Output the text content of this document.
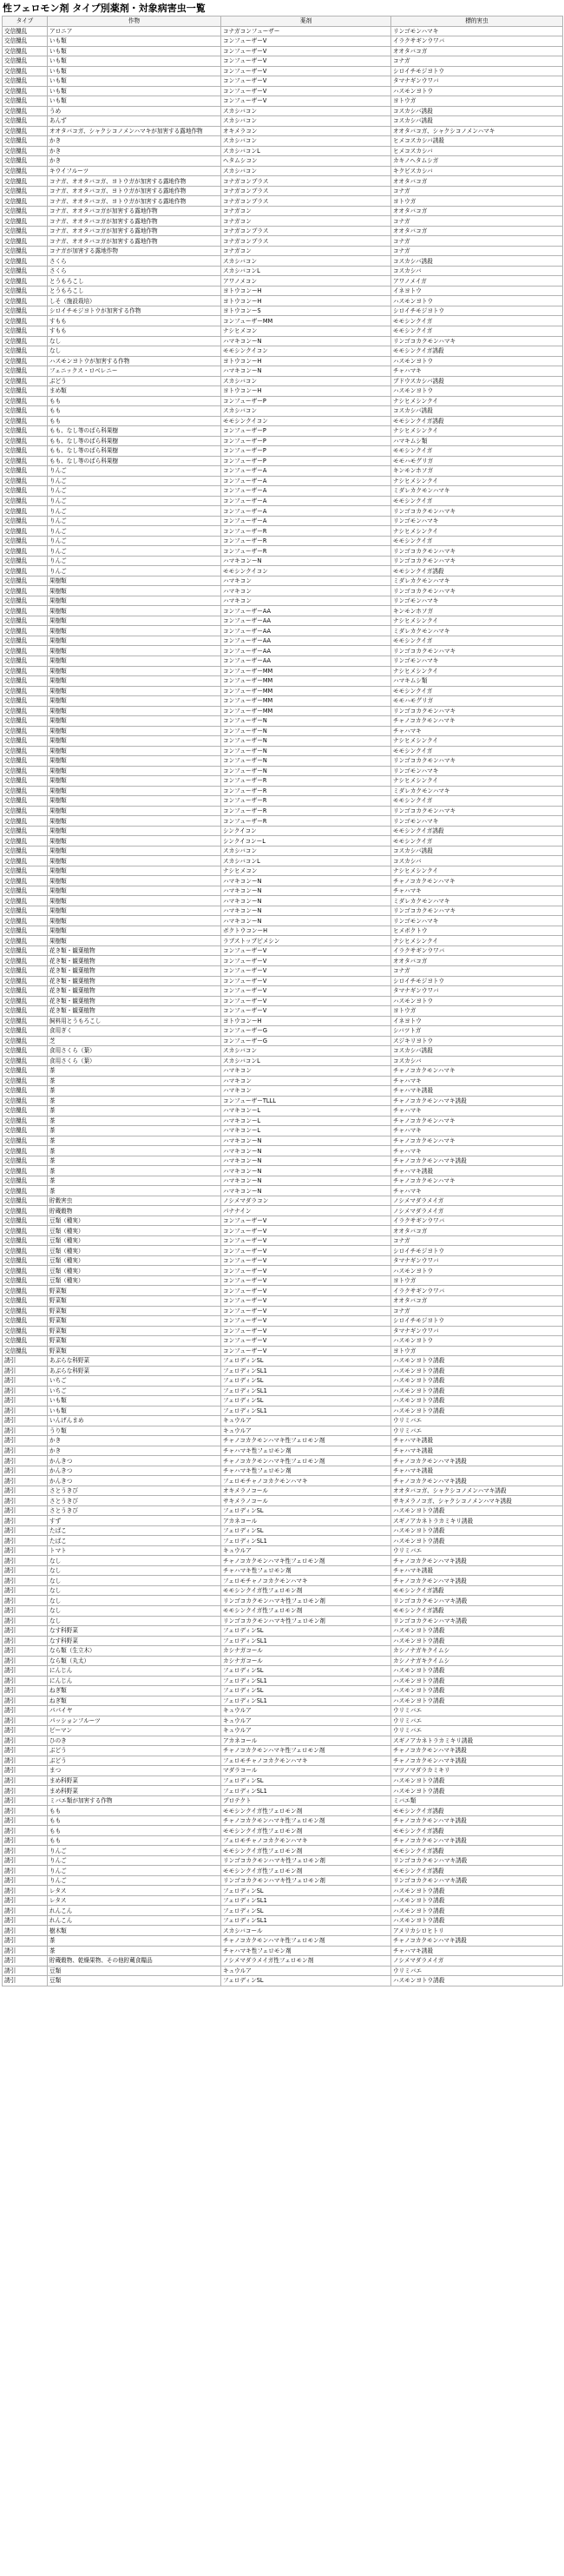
性フェロモン剤 タイプ別薬剤・対象病害虫一覧
タイプ	作物	薬剤	標的害虫
交信攪乱	アロニア	コナガコンフューザー	リンゴモンハマキ
交信攪乱	いも類	コンフューザーV	イラクサギンウワバ
交信攪乱	いも類	コンフューザーV	オオタバコガ
交信攪乱	いも類	コンフューザーV	コナガ
交信攪乱	いも類	コンフューザーV	シロイチモジヨトウ
交信攪乱	いも類	コンフューザーV	タマナギンウワバ
交信攪乱	いも類	コンフューザーV	ハスモンヨトウ
交信攪乱	いも類	コンフューザーV	ヨトウガ
交信攪乱	うめ	スカシバコン	コスカシバ誘殺
交信攪乱	あんず	スカシバコン	コスカシバ誘殺
交信攪乱	オオタバコガ、シャクシコノメンハマキが加害する露地作物	オキメラコン	オオタバコガ、シャクシコノメンハマキ
交信攪乱	かき	スカシバコン	ヒメコスカシバ誘殺
交信攪乱	かき	スカシバコンL	ヒメコスカシバ
交信攪乱	かき	ヘタムシコン	カキノヘタムシガ
交信攪乱	キウイフルーツ	スカシバコン	キクビスカシバ
交信攪乱	コナガ、オオタバコガ、ヨトウガが加害する露地作物	コナガコンプラス	オオタバコガ
交信攪乱	コナガ、オオタバコガ、ヨトウガが加害する露地作物	コナガコンプラス	コナガ
交信攪乱	コナガ、オオタバコガ、ヨトウガが加害する露地作物	コナガコンプラス	ヨトウガ
交信攪乱	コナガ、オオタバコガが加害する露地作物	コナガコン	オオタバコガ
交信攪乱	コナガ、オオタバコガが加害する露地作物	コナガコン	コナガ
交信攪乱	コナガ、オオタバコガが加害する露地作物	コナガコンプラス	オオタバコガ
交信攪乱	コナガ、オオタバコガが加害する露地作物	コナガコンプラス	コナガ
交信攪乱	コナガが加害する露地作物	コナガコン	コナガ
交信攪乱	さくら	スカシバコン	コスカシバ誘殺
交信攪乱	さくら	スカシバコンL	コスカシバ
交信攪乱	とうもろこし	アワノメコン	アワノメイガ
交信攪乱	とうもろこし	ヨトウコンーH	イネヨトウ
交信攪乱	しそ（施設栽培）	ヨトウコンーH	ハスモンヨトウ
交信攪乱	シロイチモジヨトウが加害する作物	ヨトウコンーS	シロイチモジヨトウ
交信攪乱	すもも	コンフューザーMM	モモシンクイガ
交信攪乱	すもも	ナシヒメコン	モモシンクイガ
交信攪乱	なし	ハマキコンーN	リンゴコカクモンハマキ
交信攪乱	なし	モモシンクイコン	モモシンクイガ誘殺
交信攪乱	ハスモンヨトウが加害する作物	ヨトウコンーH	ハスモンヨトウ
交信攪乱	フェニックス・ロベレニー	ハマキコンーN	チャハマキ
交信攪乱	ぶどう	スカシバコン	ブドウスカシバ誘殺
交信攪乱	まめ類	ヨトウコンーH	ハスモンヨトウ
交信攪乱	もも	コンフューザーP	ナシヒメシンクイ
交信攪乱	もも	スカシバコン	コスカシバ誘殺
交信攪乱	もも	モモシンクイコン	モモシンクイガ誘殺
交信攪乱	もも、なし等のばら科果樹	コンフューザーP	ナシヒメシンクイ
交信攪乱	もも、なし等のばら科果樹	コンフューザーP	ハマキムシ類
交信攪乱	もも、なし等のばら科果樹	コンフューザーP	モモシンクイガ
交信攪乱	もも、なし等のばら科果樹	コンフューザーP	モモハモグリガ
交信攪乱	りんご	コンフューザーA	キンモンホソガ
交信攪乱	りんご	コンフューザーA	ナシヒメシンクイ
交信攪乱	りんご	コンフューザーA	ミダレカクモンハマキ
交信攪乱	りんご	コンフューザーA	モモシンクイガ
交信攪乱	りんご	コンフューザーA	リンゴコカクモンハマキ
交信攪乱	りんご	コンフューザーA	リンゴモンハマキ
交信攪乱	りんご	コンフューザーR	ナシヒメシンクイ
交信攪乱	りんご	コンフューザーR	モモシンクイガ
交信攪乱	りんご	コンフューザーR	リンゴコカクモンハマキ
交信攪乱	りんご	ハマキコンーN	リンゴコカクモンハマキ
交信攪乱	りんご	モモシンクイコン	モモシンクイガ誘殺
交信攪乱	果樹類	ハマキコン	ミダレカクモンハマキ
交信攪乱	果樹類	ハマキコン	リンゴコカクモンハマキ
交信攪乱	果樹類	ハマキコン	リンゴモンハマキ
交信攪乱	果樹類	コンフューザーAA	キンモンホソガ
交信攪乱	果樹類	コンフューザーAA	ナシヒメシンクイ
交信攪乱	果樹類	コンフューザーAA	ミダレカクモンハマキ
交信攪乱	果樹類	コンフューザーAA	モモシンクイガ
交信攪乱	果樹類	コンフューザーAA	リンゴコカクモンハマキ
交信攪乱	果樹類	コンフューザーAA	リンゴモンハマキ
交信攪乱	果樹類	コンフューザーMM	ナシヒメシンクイ
交信攪乱	果樹類	コンフューザーMM	ハマキムシ類
交信攪乱	果樹類	コンフューザーMM	モモシンクイガ
交信攪乱	果樹類	コンフューザーMM	モモハモグリガ
交信攪乱	果樹類	コンフューザーMM	リンゴコカクモンハマキ
交信攪乱	果樹類	コンフューザーN	チャノコカクモンハマキ
交信攪乱	果樹類	コンフューザーN	チャハマキ
交信攪乱	果樹類	コンフューザーN	ナシヒメシンクイ
交信攪乱	果樹類	コンフューザーN	モモシンクイガ
交信攪乱	果樹類	コンフューザーN	リンゴコカクモンハマキ
交信攪乱	果樹類	コンフューザーN	リンゴモンハマキ
交信攪乱	果樹類	コンフューザーR	ナシヒメシンクイ
交信攪乱	果樹類	コンフューザーR	ミダレカクモンハマキ
交信攪乱	果樹類	コンフューザーR	モモシンクイガ
交信攪乱	果樹類	コンフューザーR	リンゴコカクモンハマキ
交信攪乱	果樹類	コンフューザーR	リンゴモンハマキ
交信攪乱	果樹類	シンクイコン	モモシンクイガ誘殺
交信攪乱	果樹類	シンクイコンーL	モモシンクイガ
交信攪乱	果樹類	スカシバコン	コスカシバ誘殺
交信攪乱	果樹類	スカシバコンL	コスカシバ
交信攪乱	果樹類	ナシヒメコン	ナシヒメシンクイ
交信攪乱	果樹類	ハマキコンーN	チャノコカクモンハマキ
交信攪乱	果樹類	ハマキコンーN	チャハマキ
交信攪乱	果樹類	ハマキコンーN	ミダレカクモンハマキ
交信攪乱	果樹類	ハマキコンーN	リンゴコカクモンハマキ
交信攪乱	果樹類	ハマキコンーN	リンゴモンハマキ
交信攪乱	果樹類	ボクトウコンーH	ヒメボクトウ
交信攪乱	果樹類	ラブストップピメシン	ナシヒメシンクイ
交信攪乱	花き類・観葉植物	コンフューザーV	イラクサギンウワバ
交信攪乱	花き類・観葉植物	コンフューザーV	オオタバコガ
交信攪乱	花き類・観葉植物	コンフューザーV	コナガ
交信攪乱	花き類・観葉植物	コンフューザーV	シロイチモジヨトウ
交信攪乱	花き類・観葉植物	コンフューザーV	タマナギンウワバ
交信攪乱	花き類・観葉植物	コンフューザーV	ハスモンヨトウ
交信攪乱	花き類・観葉植物	コンフューザーV	ヨトウガ
交信攪乱	飼料用とうもろこし	ヨトウコンーH	イネヨトウ
交信攪乱	食用ぎく	コンフューザーG	シバツトガ
交信攪乱	芝	コンフューザーG	スジキリヨトウ
交信攪乱	食用さくら（葉）	スカシバコン	コスカシバ誘殺
交信攪乱	食用さくら（葉）	スカシバコンL	コスカシバ
交信攪乱	茶	ハマキコン	チャノコカクモンハマキ
交信攪乱	茶	ハマキコン	チャハマキ
交信攪乱	茶	ハマキコン	チャハマキ誘殺
交信攪乱	茶	コンフューザーTLLL	チャノコカクモンハマキ誘殺
交信攪乱	茶	ハマキコンーL	チャハマキ
交信攪乱	茶	ハマキコンーL	チャノコカクモンハマキ
交信攪乱	茶	ハマキコンーL	チャハマキ
交信攪乱	茶	ハマキコンーN	チャノコカクモンハマキ
交信攪乱	茶	ハマキコンーN	チャハマキ
交信攪乱	茶	ハマキコンーN	チャノコカクモンハマキ誘殺
交信攪乱	茶	ハマキコンーN	チャハマキ誘殺
交信攪乱	茶	ハマキコンーN	チャノコカクモンハマキ
交信攪乱	茶	ハマキコンーN	チャハマキ
交信攪乱	貯穀害虫	ノシメマダラコン	ノシメマダラメイガ
交信攪乱	貯蔵穀物	パナナイン	ノシメマダラメイガ
交信攪乱	豆類（種実）	コンフューザーV	イラクサギンウワバ
交信攪乱	豆類（種実）	コンフューザーV	オオタバコガ
交信攪乱	豆類（種実）	コンフューザーV	コナガ
交信攪乱	豆類（種実）	コンフューザーV	シロイチモジヨトウ
交信攪乱	豆類（種実）	コンフューザーV	タマナギンウワバ
交信攪乱	豆類（種実）	コンフューザーV	ハスモンヨトウ
交信攪乱	豆類（種実）	コンフューザーV	ヨトウガ
交信攪乱	野菜類	コンフューザーV	イラクサギンウワバ
交信攪乱	野菜類	コンフューザーV	オオタバコガ
交信攪乱	野菜類	コンフューザーV	コナガ
交信攪乱	野菜類	コンフューザーV	シロイチモジヨトウ
交信攪乱	野菜類	コンフューザーV	タマナギンウワバ
交信攪乱	野菜類	コンフューザーV	ハスモンヨトウ
交信攪乱	野菜類	コンフューザーV	ヨトウガ
誘引	あぶらな科野菜	フェロディンSL	ハスモンヨトウ誘殺
誘引	あぶらな科野菜	フェロディンSL1	ハスモンヨトウ誘殺
誘引	いちご	フェロディンSL	ハスモンヨトウ誘殺
誘引	いちご	フェロディンSL1	ハスモンヨトウ誘殺
誘引	いも類	フェロディンSL	ハスモンヨトウ誘殺
誘引	いも類	フェロディンSL1	ハスモンヨトウ誘殺
誘引	いんげんまめ	キュウルア	ウリミバエ
誘引	うり類	キュウルア	ウリミバエ
誘引	かき	チャノコカクモンハマキ性フェロモン剤	チャハマキ誘殺
誘引	かき	チャハマキ性フェロモン剤	チャハマキ誘殺
誘引	かんきつ	チャノコカクモンハマキ性フェロモン剤	チャノコカクモンハマキ誘殺
誘引	かんきつ	チャハマキ性フェロモン剤	チャハマキ誘殺
誘引	かんきつ	フェロモチャノコカクモンハマキ	チャノコカクモンハマキ誘殺
誘引	さとうきび	オキメラノコール	オオタバコガ、シャクシコノメンハマキ誘殺
誘引	さとうきび	サキメラノコール	サキメラノコガ、シャクシコノメンハマキ誘殺
誘引	さとうきび	フェロディンSL	ハスモンヨトウ誘殺
誘引	すず	アカネコール	スギノアカネトラカミキリ誘殺
誘引	たばこ	フェロディンSL	ハスモンヨトウ誘殺
誘引	たばこ	フェロディンSL1	ハスモンヨトウ誘殺
誘引	トマト	キュウルア	ウリミバエ
誘引	なし	チャノコカクモンハマキ性フェロモン剤	チャノコカクモンハマキ誘殺
誘引	なし	チャハマキ性フェロモン剤	チャハマキ誘殺
誘引	なし	フェロモチャノコカクモンハマキ	チャノコカクモンハマキ誘殺
誘引	なし	モモシンクイガ性フェロモン剤	モモシンクイガ誘殺
誘引	なし	リンゴコカクモンハマキ性フェロモン剤	リンゴコカクモンハマキ誘殺
誘引	なし	モモシンクイガ性フェロモン剤	モモシンクイガ誘殺
誘引	なし	リンゴコカクモンハマキ性フェロモン剤	リンゴコカクモンハマキ誘殺
誘引	なす科野菜	フェロディンSL	ハスモンヨトウ誘殺
誘引	なす科野菜	フェロディンSL1	ハスモンヨトウ誘殺
誘引	なら類（生立木）	カシナガコール	カシノナガキクイムシ
誘引	なら類（丸太）	カシナガコール	カシノナガキクイムシ
誘引	にんじん	フェロディンSL	ハスモンヨトウ誘殺
誘引	にんじん	フェロディンSL1	ハスモンヨトウ誘殺
誘引	ねぎ類	フェロディンSL	ハスモンヨトウ誘殺
誘引	ねぎ類	フェロディンSL1	ハスモンヨトウ誘殺
誘引	パパイヤ	キュウルア	ウリミバエ
誘引	パッションフルーツ	キュウルア	ウリミバエ
誘引	ピーマン	キュウルア	ウリミバエ
誘引	ひのき	アカネコール	スギノアカネトラカミキリ誘殺
誘引	ぶどう	チャノコカクモンハマキ性フェロモン剤	チャノコカクモンハマキ誘殺
誘引	ぶどう	フェロモチャノコカクモンハマキ	チャノコカクモンハマキ誘殺
誘引	まつ	マダラコール	マツノマダラカミキリ
誘引	まめ科野菜	フェロディンSL	ハスモンヨトウ誘殺
誘引	まめ科野菜	フェロディンSL1	ハスモンヨトウ誘殺
誘引	ミバエ類が加害する作物	プロテクト	ミバエ類
誘引	もも	モモシンクイガ性フェロモン剤	モモシンクイガ誘殺
誘引	もも	チャノコカクモンハマキ性フェロモン剤	チャノコカクモンハマキ誘殺
誘引	もも	モモシンクイガ性フェロモン剤	モモシンクイガ誘殺
誘引	もも	フェロモチャノコカクモンハマキ	チャノコカクモンハマキ誘殺
誘引	りんご	モモシンクイガ性フェロモン剤	モモシンクイガ誘殺
誘引	りんご	リンゴコカクモンハマキ性フェロモン剤	リンゴコカクモンハマキ誘殺
誘引	りんご	モモシンクイガ性フェロモン剤	モモシンクイガ誘殺
誘引	りんご	リンゴコカクモンハマキ性フェロモン剤	リンゴコカクモンハマキ誘殺
誘引	レタス	フェロディンSL	ハスモンヨトウ誘殺
誘引	レタス	フェロディンSL1	ハスモンヨトウ誘殺
誘引	れんこん	フェロディンSL	ハスモンヨトウ誘殺
誘引	れんこん	フェロディンSL1	ハスモンヨトウ誘殺
誘引	樹木類	スカシバコール	アメリカシロヒトリ
誘引	茶	チャノコカクモンハマキ性フェロモン剤	チャノコカクモンハマキ誘殺
誘引	茶	チャハマキ性フェロモン剤	チャハマキ誘殺
誘引	貯蔵穀物、乾燥果物、その他貯蔵食糧品	ノシメマダラメイガ性フェロモン剤	ノシメマダラメイガ
誘引	豆類	キュウルア	ウリミバエ
誘引	豆類	フェロディンSL	ハスモンヨトウ誘殺
